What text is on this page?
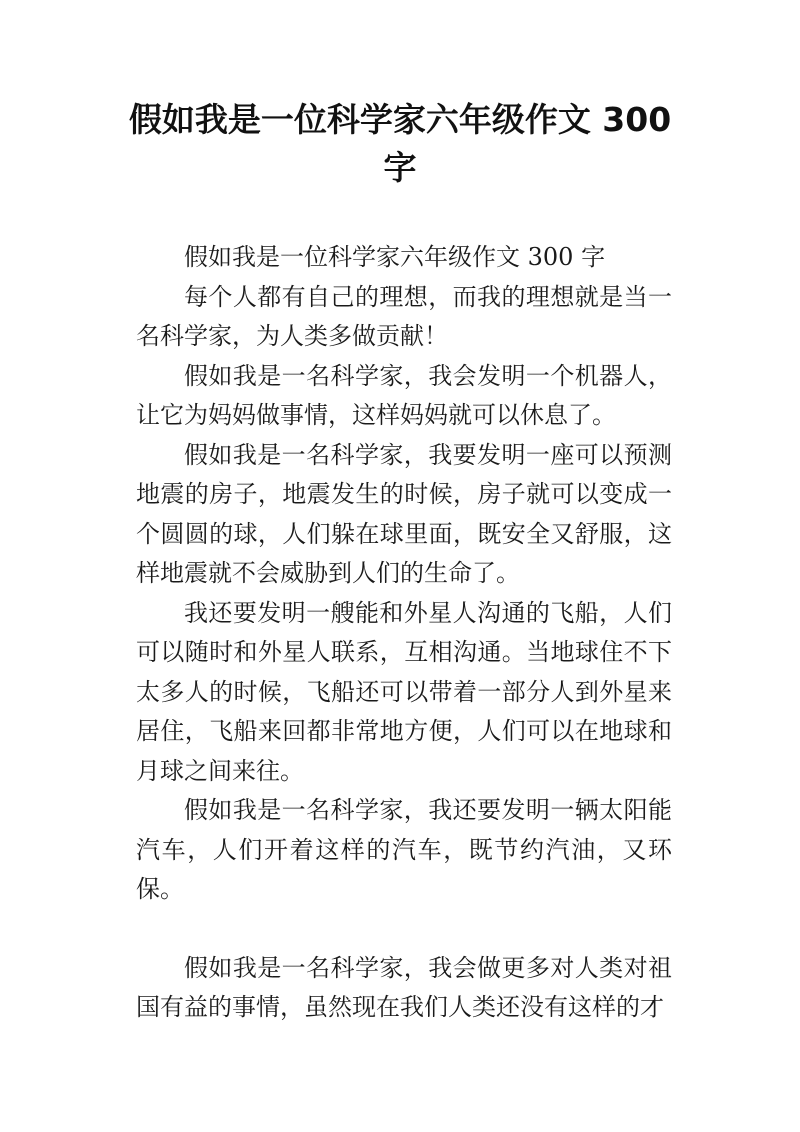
假如我是一位科学家六年级作文 300 字

假如我是一位科学家六年级作文 300 字

每个人都有自己的理想，而我的理想就是当一名科学家，为人类多做贡献！

假如我是一名科学家，我会发明一个机器人，让它为妈妈做事情，这样妈妈就可以休息了。

假如我是一名科学家，我要发明一座可以预测地震的房子，地震发生的时候，房子就可以变成一个圆圆的球，人们躲在球里面，既安全又舒服，这样地震就不会威胁到人们的生命了。

我还要发明一艘能和外星人沟通的飞船，人们可以随时和外星人联系，互相沟通。当地球住不下太多人的时候，飞船还可以带着一部分人到外星来居住，飞船来回都非常地方便，人们可以在地球和月球之间来往。

假如我是一名科学家，我还要发明一辆太阳能汽车，人们开着这样的汽车，既节约汽油，又环保。

假如我是一名科学家，我会做更多对人类对祖国有益的事情，虽然现在我们人类还没有这样的才
